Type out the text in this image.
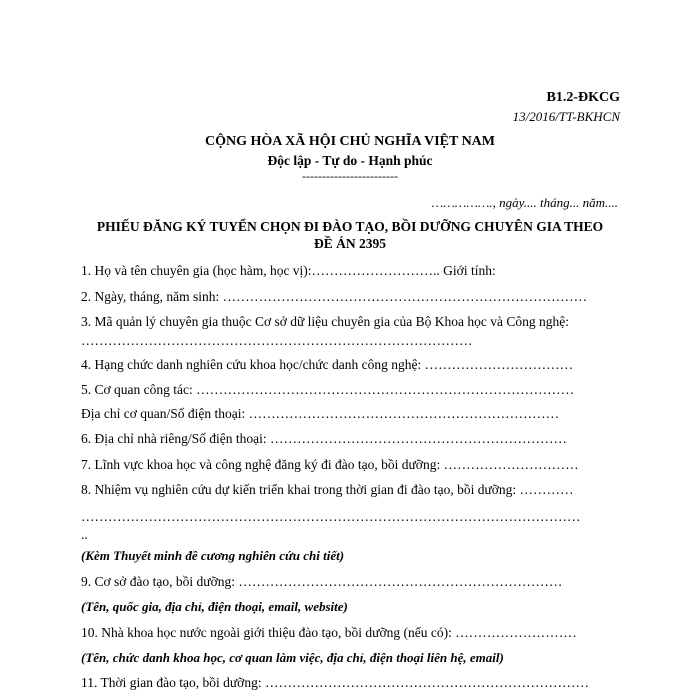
B1.2-ĐKCG
13/2016/TT-BKHCN
CỘNG HÒA XÃ HỘI CHỦ NGHĨA VIỆT NAM
Độc lập - Tự do - Hạnh phúc
------------------------
……………., ngày.... tháng... năm....
PHIẾU ĐĂNG KÝ TUYỂN CHỌN ĐI ĐÀO TẠO, BỒI DƯỠNG CHUYÊN GIA THEO
ĐỀ ÁN 2395
1. Họ và tên chuyên gia (học hàm, học vị):……………………….. Giới tính:
2. Ngày, tháng, năm sinh: ………………………………………………………………………
3. Mã quản lý chuyên gia thuộc Cơ sở dữ liệu chuyên gia của Bộ Khoa học và Công nghệ:
……………………………………………………………………………
4. Hạng chức danh nghiên cứu khoa học/chức danh công nghệ: ……………………………
5. Cơ quan công tác: …………………………………………………………………………
Địa chỉ cơ quan/Số điện thoại: ……………………………………………………………
6. Địa chỉ nhà riêng/Số điện thoại: …………………………………………………………
7. Lĩnh vực khoa học và công nghệ đăng ký đi đào tạo, bồi dưỡng: …………………………
8. Nhiệm vụ nghiên cứu dự kiến triển khai trong thời gian đi đào tạo, bồi dưỡng: …………
…………………………………………………………………………………………………
..
(Kèm Thuyết minh đề cương nghiên cứu chi tiết)
9. Cơ sở đào tạo, bồi dưỡng: ………………………………………………………………
(Tên, quốc gia, địa chỉ, điện thoại, email, website)
10. Nhà khoa học nước ngoài giới thiệu đào tạo, bồi dưỡng (nếu có): ………………………
(Tên, chức danh khoa học, cơ quan làm việc, địa chỉ, điện thoại liên hệ, email)
11. Thời gian đào tạo, bồi dưỡng: ………………………………………………………………
